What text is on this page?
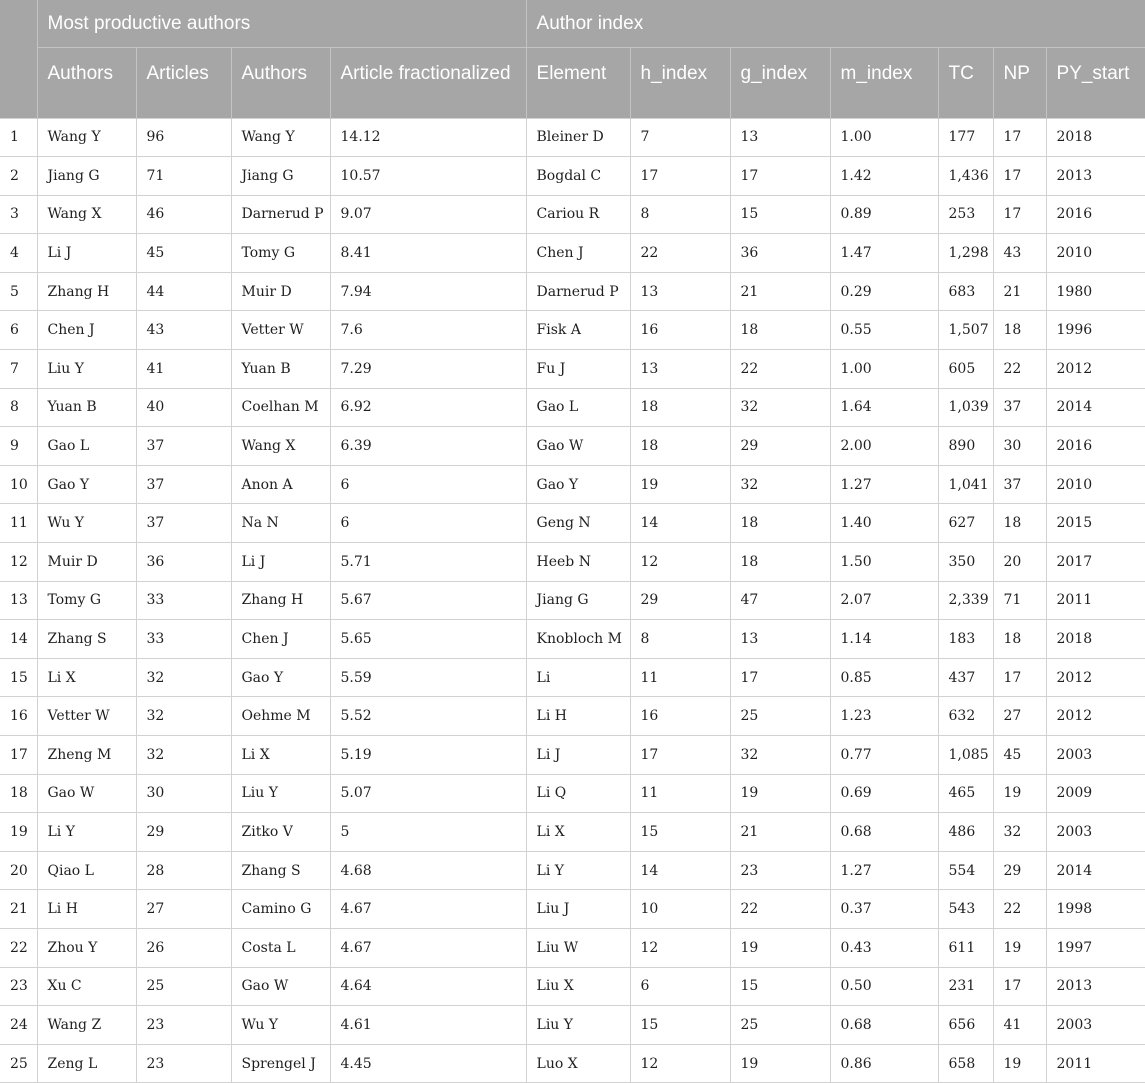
	Most productive authors				Author index						
	Authors	Articles	Authors	Article fractionalized	Element	h_index	g_index	m_index	TC	NP	PY_start
1	Wang Y	96	Wang Y	14.12	Bleiner D	7	13	1.00	177	17	2018
2	Jiang G	71	Jiang G	10.57	Bogdal C	17	17	1.42	1,436	17	2013
3	Wang X	46	Darnerud P	9.07	Cariou R	8	15	0.89	253	17	2016
4	Li J	45	Tomy G	8.41	Chen J	22	36	1.47	1,298	43	2010
5	Zhang H	44	Muir D	7.94	Darnerud P	13	21	0.29	683	21	1980
6	Chen J	43	Vetter W	7.6	Fisk A	16	18	0.55	1,507	18	1996
7	Liu Y	41	Yuan B	7.29	Fu J	13	22	1.00	605	22	2012
8	Yuan B	40	Coelhan M	6.92	Gao L	18	32	1.64	1,039	37	2014
9	Gao L	37	Wang X	6.39	Gao W	18	29	2.00	890	30	2016
10	Gao Y	37	Anon A	6	Gao Y	19	32	1.27	1,041	37	2010
11	Wu Y	37	Na N	6	Geng N	14	18	1.40	627	18	2015
12	Muir D	36	Li J	5.71	Heeb N	12	18	1.50	350	20	2017
13	Tomy G	33	Zhang H	5.67	Jiang G	29	47	2.07	2,339	71	2011
14	Zhang S	33	Chen J	5.65	Knobloch M	8	13	1.14	183	18	2018
15	Li X	32	Gao Y	5.59	Li	11	17	0.85	437	17	2012
16	Vetter W	32	Oehme M	5.52	Li H	16	25	1.23	632	27	2012
17	Zheng M	32	Li X	5.19	Li J	17	32	0.77	1,085	45	2003
18	Gao W	30	Liu Y	5.07	Li Q	11	19	0.69	465	19	2009
19	Li Y	29	Zitko V	5	Li X	15	21	0.68	486	32	2003
20	Qiao L	28	Zhang S	4.68	Li Y	14	23	1.27	554	29	2014
21	Li H	27	Camino G	4.67	Liu J	10	22	0.37	543	22	1998
22	Zhou Y	26	Costa L	4.67	Liu W	12	19	0.43	611	19	1997
23	Xu C	25	Gao W	4.64	Liu X	6	15	0.50	231	17	2013
24	Wang Z	23	Wu Y	4.61	Liu Y	15	25	0.68	656	41	2003
25	Zeng L	23	Sprengel J	4.45	Luo X	12	19	0.86	658	19	2011
